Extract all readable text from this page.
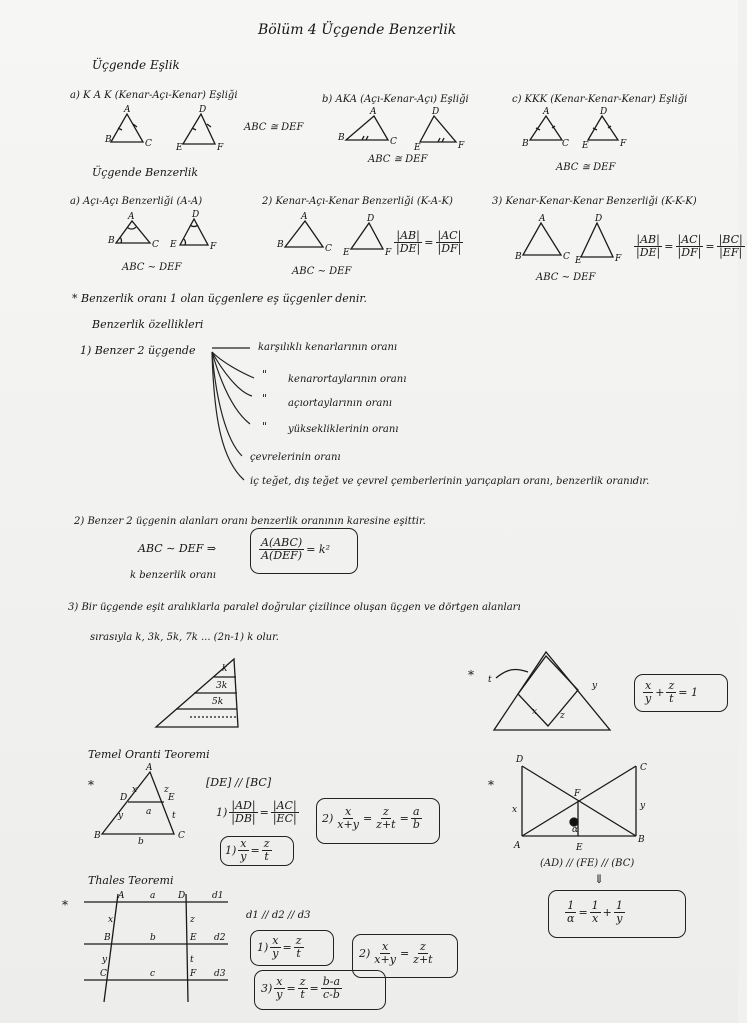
Bölüm 4 Üçgende Benzerlik
Üçgende Eşlik
a) K A K (Kenar-Açı-Kenar) Eşliği	b) AKA (Açı-Kenar-Açı) Eşliği	c) KKK (Kenar-Kenar-Kenar) Eşliği
B
A
C	E
D
F
ABC ≅ DEF
B
A
C
E
D
F
ABC ≅ DEF
B
A
C E
D
F
ABC ≅ DEF
Üçgende Benzerlik
a) Açı-Açı Benzerliği (A-A)	2) Kenar-Açı-Kenar Benzerliği (K-A-K)	3) Kenar-Kenar-Kenar Benzerliği (K-K-K)
B
A
C E
D
F
ABC ∼ DEF
B
A
C E
D
F
ABC ∼ DEF
|AB|
|DE| =
|AC|
|DF|
B
A
C E
D
F
ABC ∼ DEF
|AB|
|DE| =
|AC|
|DF| =
|BC|
|EF|
* Benzerlik oranı 1 olan üçgenlere eş üçgenler denir.
Benzerlik özellikleri
1) Benzer 2 üçgende	karşılıklı kenarlarının oranı
" kenarortaylarının oranı
" açıortaylarının oranı
" yüksekliklerinin oranı
çevrelerinin oranı
iç teğet, dış teğet ve çevrel çemberlerinin yarıçapları oranı, benzerlik oranıdır.
2) Benzer 2 üçgenin alanları oranı benzerlik oranının karesine eşittir.
ABC ∼ DEF ⇒	A(ABC)
A(DEF) = k²
k benzerlik oranı
3) Bir üçgende eşit aralıklarla paralel doğrular çizilince oluşan üçgen ve dörtgen alanları
sırasıyla k, 3k, 5k, 7k ... (2n-1) k olur.
k
3k
5k
* t
y
x	z
x
$y + \frac{z}{t} = 1$
Temel Oranti Teoremi
*
A
D	E
B	C
x
y
z
t
a
b
[DE] // [BC]
1)
|AD|
|DB| =
|AC|
|EC| 2)
x
x+y =
z
z+t =
a
b
1)
x
y =
z
t
*
D
C
A	E
B
F
x	y
α
(AD) // (FE) // (BC)
⇓
1
α =
1
x +
1
y
Thales Teoremi
*
A	a	D	d1
B	b	E d2
C	c	F d3
x	z
y	t
d1 // d2 // d3
1)
x
y =
z
t	2)
x
x+y =
z
z+t
3)
x
y =
z
t =
b-a
c-b
